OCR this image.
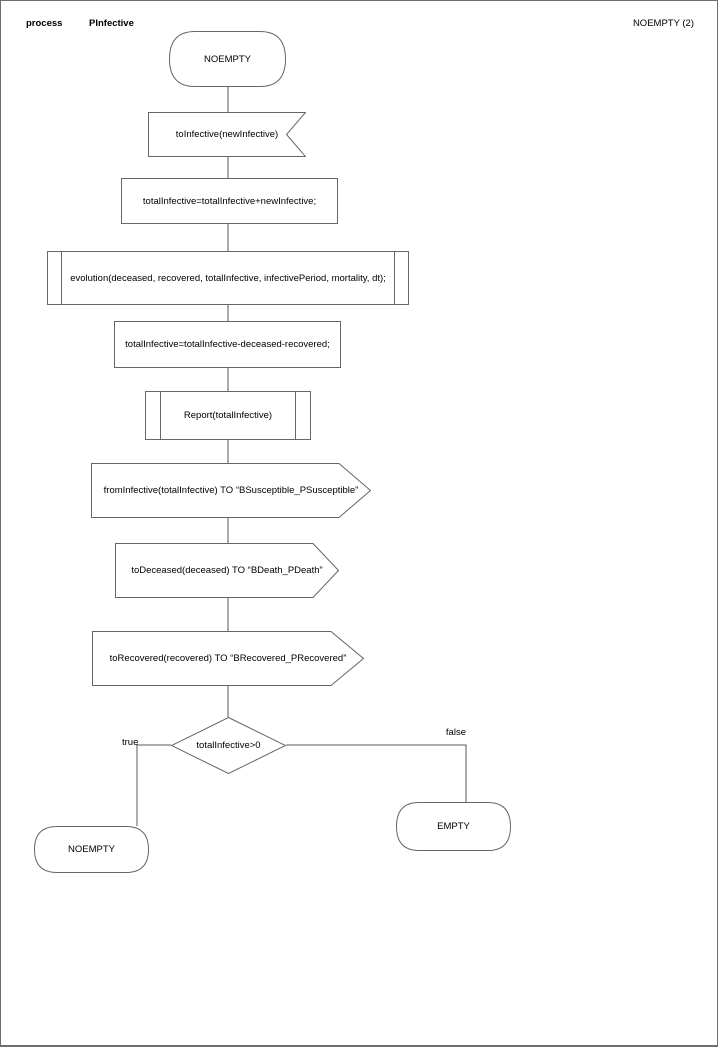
process	PInfective	NOEMPTY (2)
NOEMPTY
toInfective(newInfective)
totalInfective=totalInfective+newInfective;
evolution(deceased, recovered, totalInfective, infectivePeriod, mortality, dt);
totalInfective=totalInfective-deceased-recovered;
Report(totalInfective)
fromInfective(totalInfective) TO “BSusceptible_PSusceptible”
toDeceased(deceased) TO “BDeath_PDeath”
toRecovered(recovered) TO “BRecovered_PRecovered”
totalInfective>0
true
false
NOEMPTY
EMPTY
